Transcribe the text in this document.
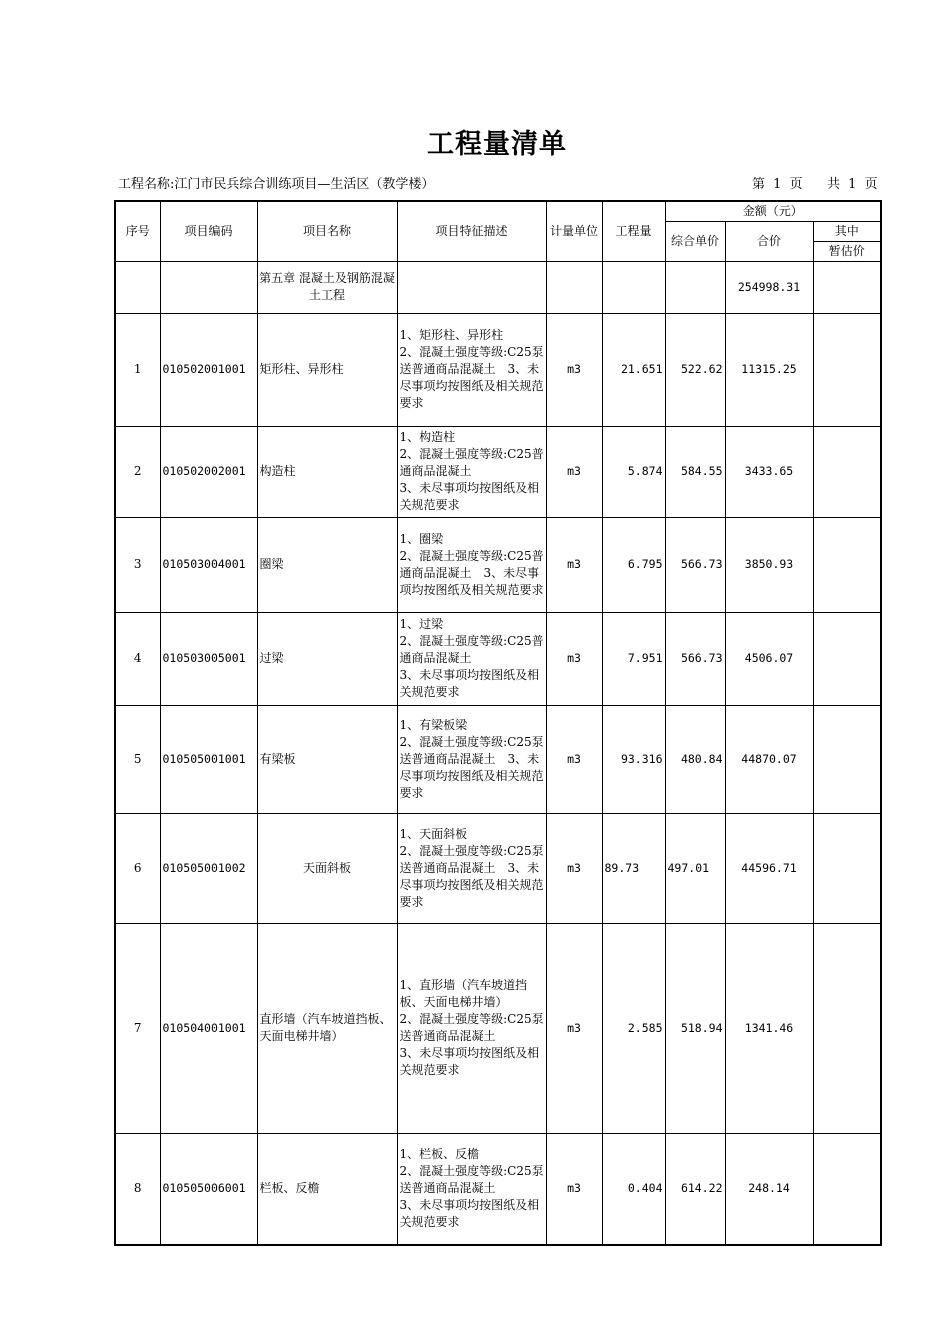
工程量清单
工程名称:江门市民兵综合训练项目—生活区（教学楼）	第 1 页 共 1 页
序号	项目编码	项目名称	项目特征描述	计量单位	工程量	金额（元）		
						综合单价	合价	其中
								暂估价
		第五章 混凝土及钢筋混凝土工程					254998.31	
1	010502001001	矩形柱、异形柱	1、矩形柱、异形柱
2、混凝土强度等级:C25泵送普通商品混凝土　3、未尽事项均按图纸及相关规范要求	m3	21.651	522.62	11315.25	
2	010502002001	构造柱	1、构造柱
2、混凝土强度等级:C25普通商品混凝土
3、未尽事项均按图纸及相关规范要求	m3	5.874	584.55	3433.65	
3	010503004001	圈梁	1、圈梁
2、混凝土强度等级:C25普通商品混凝土　3、未尽事项均按图纸及相关规范要求	m3	6.795	566.73	3850.93	
4	010503005001	过梁	1、过梁
2、混凝土强度等级:C25普通商品混凝土
3、未尽事项均按图纸及相关规范要求	m3	7.951	566.73	4506.07	
5	010505001001	有梁板	1、有梁板梁
2、混凝土强度等级:C25泵送普通商品混凝土　3、未尽事项均按图纸及相关规范要求	m3	93.316	480.84	44870.07	
6	010505001002	天面斜板	1、天面斜板
2、混凝土强度等级:C25泵送普通商品混凝土　3、未尽事项均按图纸及相关规范要求	m3	89.73	497.01	44596.71	
7	010504001001	直形墙（汽车坡道挡板、天面电梯井墙）	1、直形墙（汽车坡道挡板、天面电梯井墙）
2、混凝土强度等级:C25泵送普通商品混凝土
3、未尽事项均按图纸及相关规范要求	m3	2.585	518.94	1341.46	
8	010505006001	栏板、反檐	1、栏板、反檐
2、混凝土强度等级:C25泵送普通商品混凝土
3、未尽事项均按图纸及相关规范要求	m3	0.404	614.22	248.14	
